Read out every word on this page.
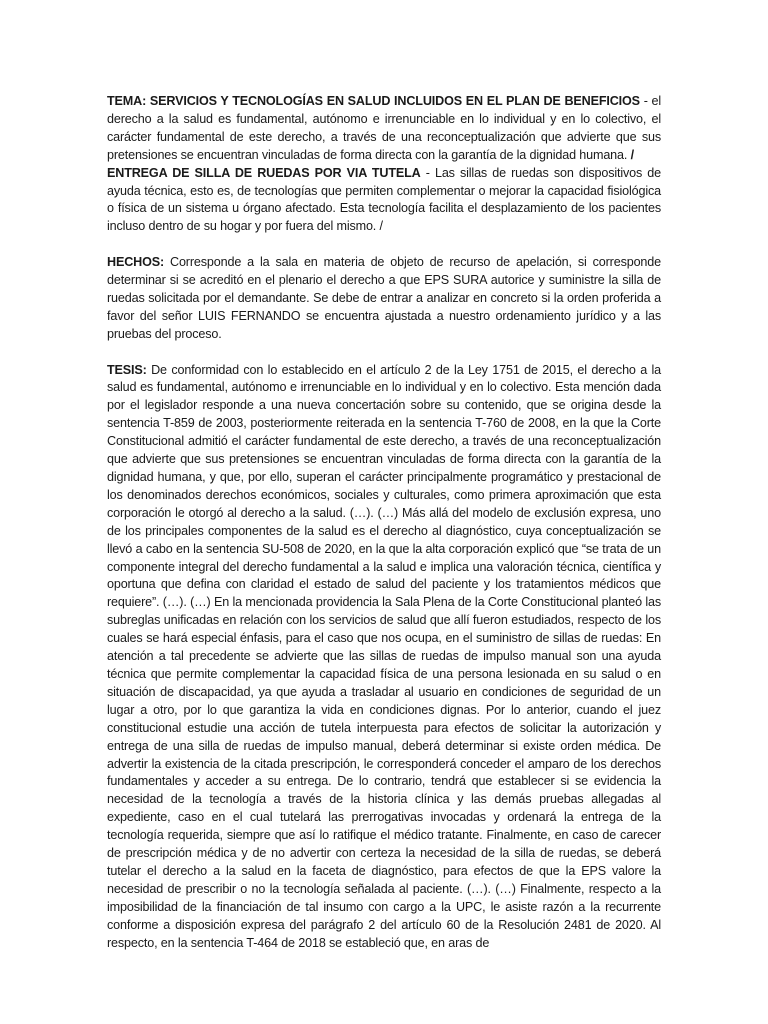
TEMA: SERVICIOS Y TECNOLOGÍAS EN SALUD INCLUIDOS EN EL PLAN DE BENEFICIOS - el derecho a la salud es fundamental, autónomo e irrenunciable en lo individual y en lo colectivo, el carácter fundamental de este derecho, a través de una reconceptualización que advierte que sus pretensiones se encuentran vinculadas de forma directa con la garantía de la dignidad humana. /
ENTREGA DE SILLA DE RUEDAS POR VIA TUTELA - Las sillas de ruedas son dispositivos de ayuda técnica, esto es, de tecnologías que permiten complementar o mejorar la capacidad fisiológica o física de un sistema u órgano afectado. Esta tecnología facilita el desplazamiento de los pacientes incluso dentro de su hogar y por fuera del mismo. /

HECHOS: Corresponde a la sala en materia de objeto de recurso de apelación, si corresponde determinar si se acreditó en el plenario el derecho a que EPS SURA autorice y suministre la silla de ruedas solicitada por el demandante. Se debe de entrar a analizar en concreto si la orden proferida a favor del señor LUIS FERNANDO se encuentra ajustada a nuestro ordenamiento jurídico y a las pruebas del proceso.

TESIS: De conformidad con lo establecido en el artículo 2 de la Ley 1751 de 2015, el derecho a la salud es fundamental, autónomo e irrenunciable en lo individual y en lo colectivo. Esta mención dada por el legislador responde a una nueva concertación sobre su contenido, que se origina desde la sentencia T-859 de 2003, posteriormente reiterada en la sentencia T-760 de 2008, en la que la Corte Constitucional admitió el carácter fundamental de este derecho, a través de una reconceptualización que advierte que sus pretensiones se encuentran vinculadas de forma directa con la garantía de la dignidad humana, y que, por ello, superan el carácter principalmente programático y prestacional de los denominados derechos económicos, sociales y culturales, como primera aproximación que esta corporación le otorgó al derecho a la salud. (…). (…) Más allá del modelo de exclusión expresa, uno de los principales componentes de la salud es el derecho al diagnóstico, cuya conceptualización se llevó a cabo en la sentencia SU-508 de 2020, en la que la alta corporación explicó que “se trata de un componente integral del derecho fundamental a la salud e implica una valoración técnica, científica y oportuna que defina con claridad el estado de salud del paciente y los tratamientos médicos que requiere”. (…). (…) En la mencionada providencia la Sala Plena de la Corte Constitucional planteó las subreglas unificadas en relación con los servicios de salud que allí fueron estudiados, respecto de los cuales se hará especial énfasis, para el caso que nos ocupa, en el suministro de sillas de ruedas: En atención a tal precedente se advierte que las sillas de ruedas de impulso manual son una ayuda técnica que permite complementar la capacidad física de una persona lesionada en su salud o en situación de discapacidad, ya que ayuda a trasladar al usuario en condiciones de seguridad de un lugar a otro, por lo que garantiza la vida en condiciones dignas. Por lo anterior, cuando el juez constitucional estudie una acción de tutela interpuesta para efectos de solicitar la autorización y entrega de una silla de ruedas de impulso manual, deberá determinar si existe orden médica. De advertir la existencia de la citada prescripción, le corresponderá conceder el amparo de los derechos fundamentales y acceder a su entrega. De lo contrario, tendrá que establecer si se evidencia la necesidad de la tecnología a través de la historia clínica y las demás pruebas allegadas al expediente, caso en el cual tutelará las prerrogativas invocadas y ordenará la entrega de la tecnología requerida, siempre que así lo ratifique el médico tratante. Finalmente, en caso de carecer de prescripción médica y de no advertir con certeza la necesidad de la silla de ruedas, se deberá tutelar el derecho a la salud en la faceta de diagnóstico, para efectos de que la EPS valore la necesidad de prescribir o no la tecnología señalada al paciente. (…). (…) Finalmente, respecto a la imposibilidad de la financiación de tal insumo con cargo a la UPC, le asiste razón a la recurrente conforme a disposición expresa del parágrafo 2 del artículo 60 de la Resolución 2481 de 2020. Al respecto, en la sentencia T-464 de 2018 se estableció que, en aras de
